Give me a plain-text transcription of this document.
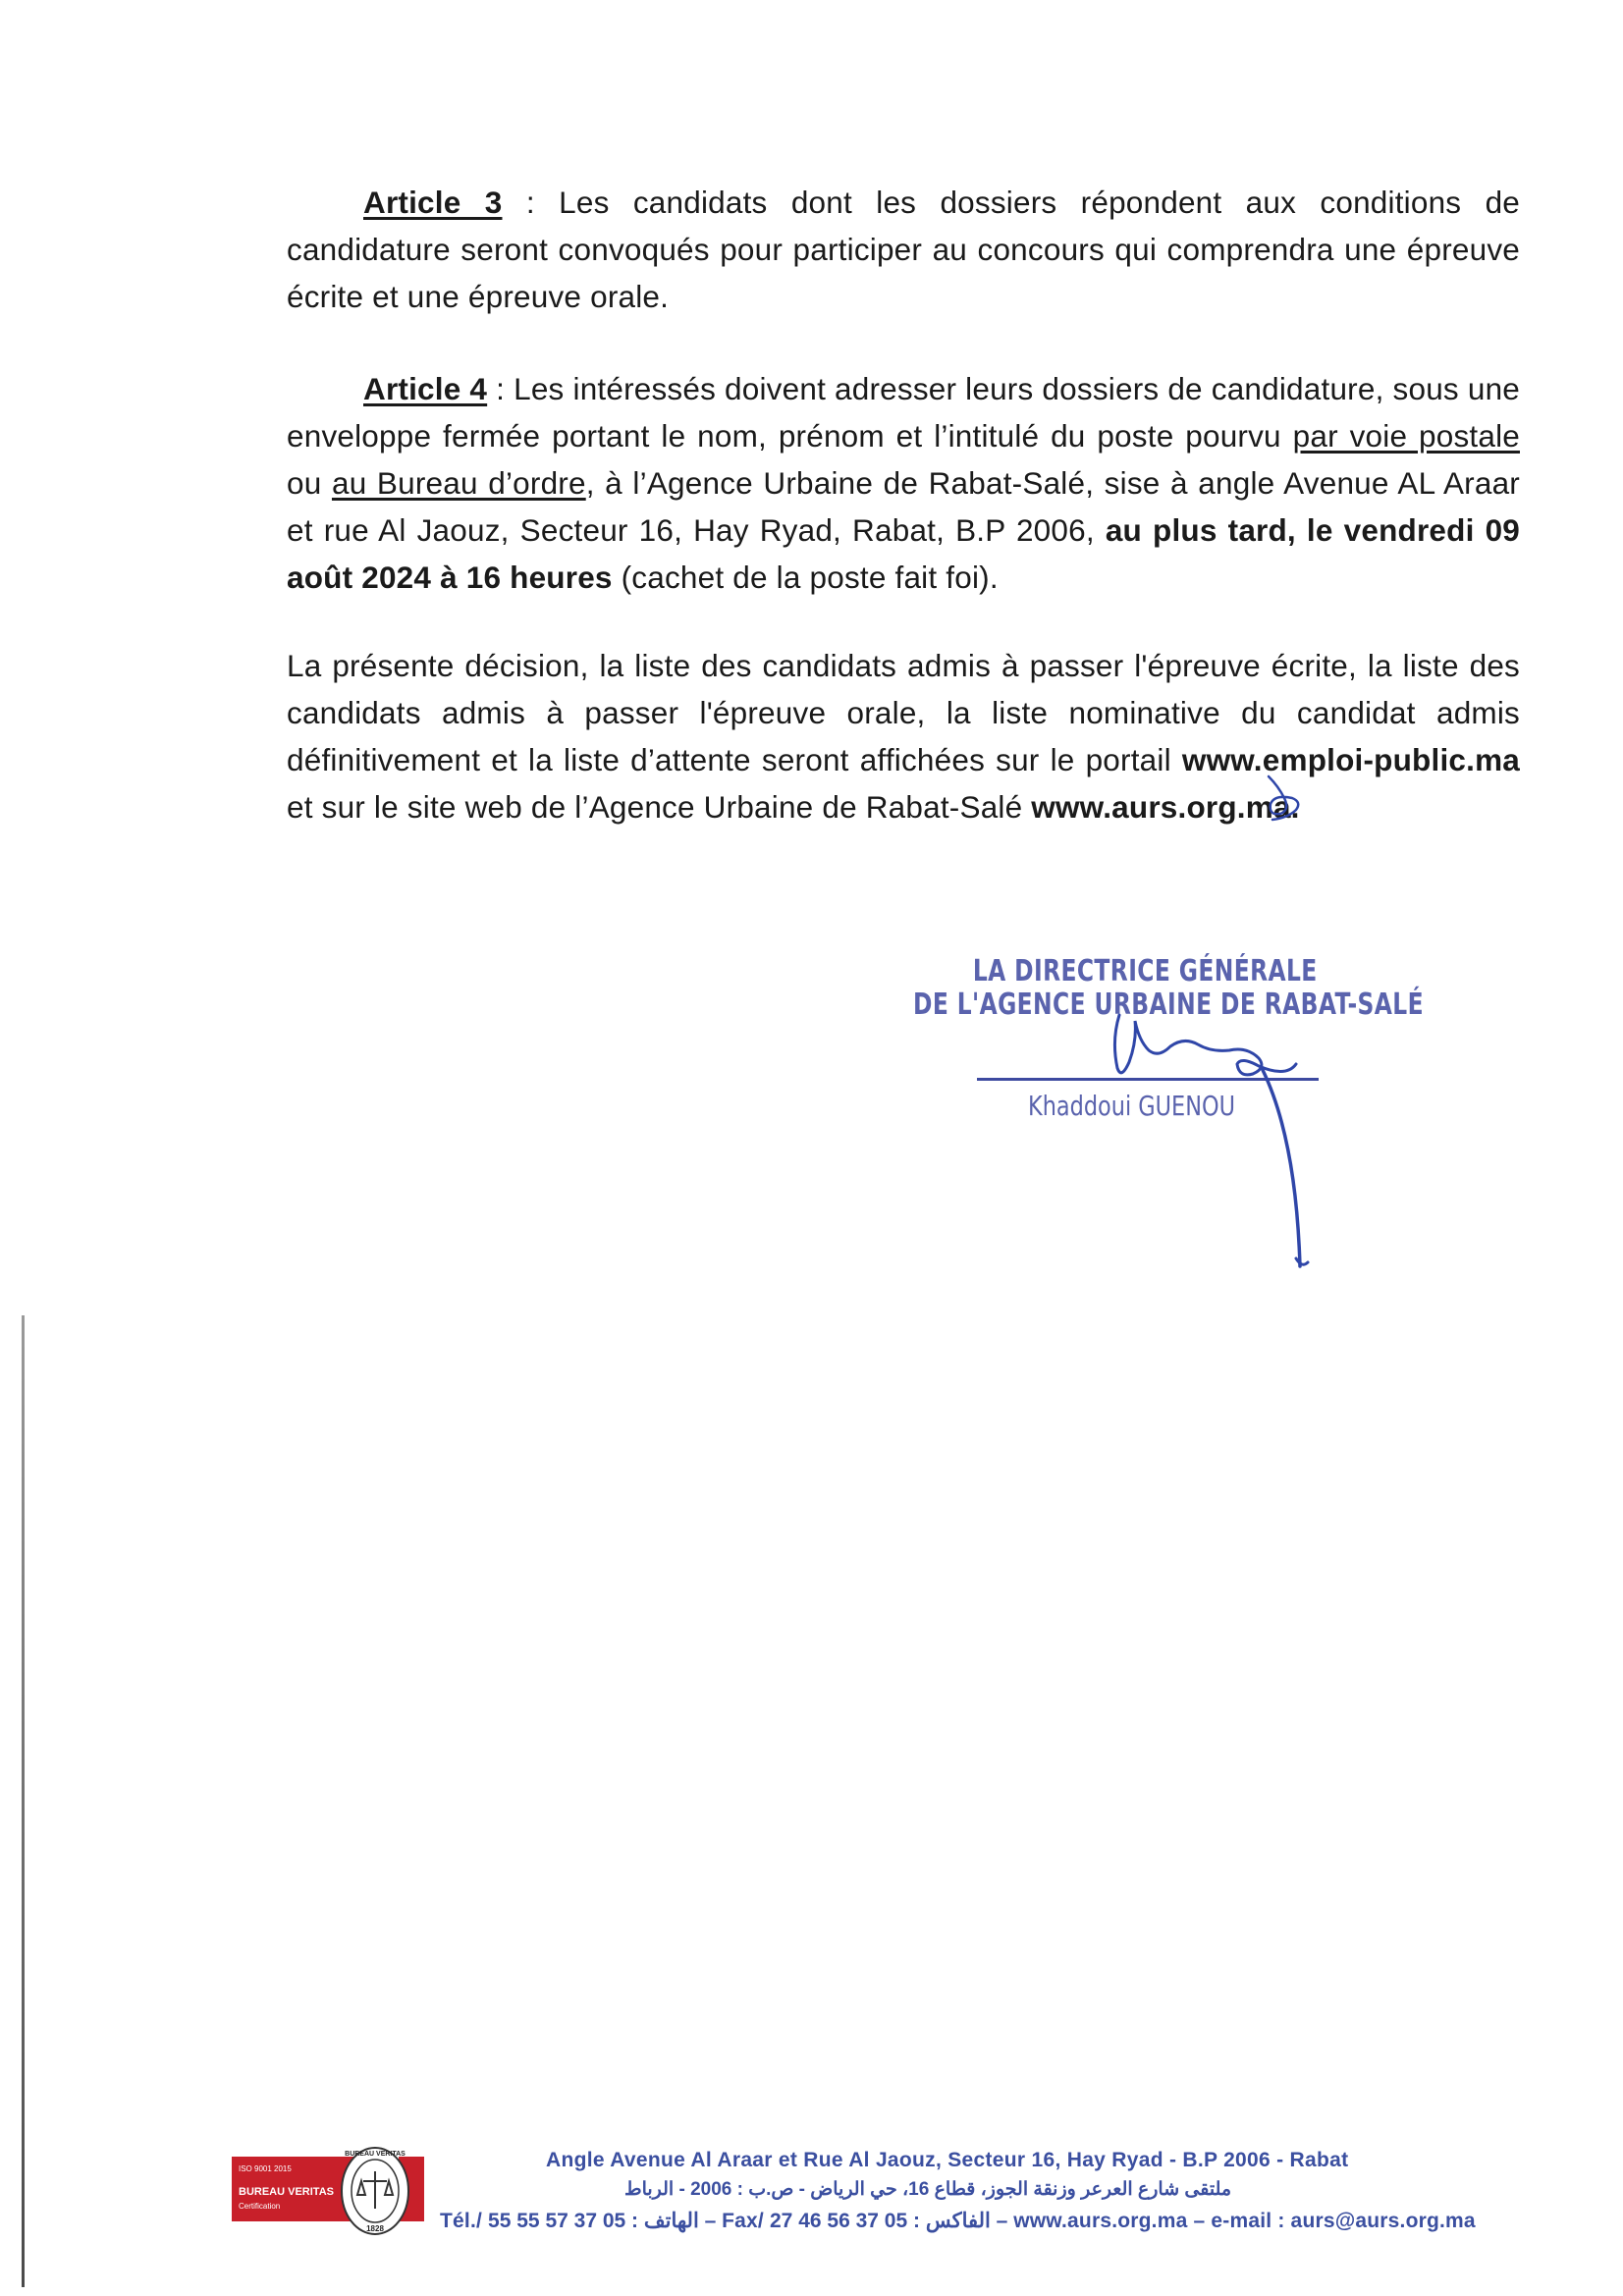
Article 3 : Les candidats dont les dossiers répondent aux conditions de candidature seront convoqués pour participer au concours qui comprendra une épreuve écrite et une épreuve orale.

Article 4 : Les intéressés doivent adresser leurs dossiers de candidature, sous une enveloppe fermée portant le nom, prénom et l’intitulé du poste pourvu par voie postale ou au Bureau d’ordre, à l’Agence Urbaine de Rabat-Salé, sise à angle Avenue AL Araar et rue Al Jaouz, Secteur 16, Hay Ryad, Rabat, B.P 2006, au plus tard, le vendredi 09 août 2024 à 16 heures (cachet de la poste fait foi).

La présente décision, la liste des candidats admis à passer l'épreuve écrite, la liste des candidats admis à passer l'épreuve orale, la liste nominative du candidat admis définitivement et la liste d’attente seront affichées sur le portail www.emploi-public.ma et sur le site web de l’Agence Urbaine de Rabat-Salé www.aurs.org.ma.

LA DIRECTRICE GÉNÉRALE
DE L'AGENCE URBAINE DE RABAT-SALÉ
Khaddoui GUENOU
ISO 9001 2015
BUREAU VERITAS
Certification
BUREAU VERITAS
1828
Angle Avenue Al Araar et Rue Al Jaouz, Secteur 16, Hay Ryad - B.P 2006 - Rabat
ملتقى شارع العرعر وزنقة الجوز، قطاع 16، حي الرياض - ص.ب : 2006 - الرباط
Tél./ الهاتف : 05 37 57 55 55 – Fax/ الفاكس : 05 37 56 46 27 – www.aurs.org.ma – e-mail : aurs@aurs.org.ma
